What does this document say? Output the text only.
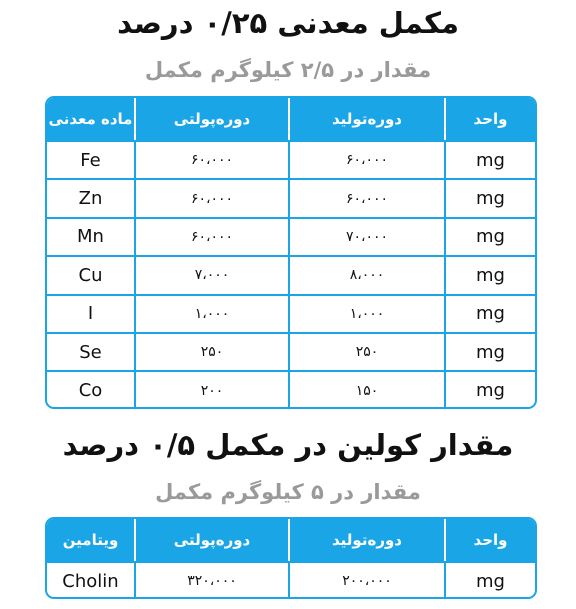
مکمل معدنی ۰/۲۵ درصد
مقدار در ۲/۵ کیلوگرم مکمل
واحد
دوره‌تولید
دوره‌پولتی
ماده معدنی
mg
۶۰،۰۰۰
۶۰،۰۰۰
Fe
mg
۶۰،۰۰۰
۶۰،۰۰۰
Zn
mg
۷۰،۰۰۰
۶۰،۰۰۰
Mn
mg
۸،۰۰۰
۷،۰۰۰
Cu
mg
۱،۰۰۰
۱،۰۰۰
I
mg
۲۵۰
۲۵۰
Se
mg
۱۵۰
۲۰۰
Co
مقدار کولین در مکمل ۰/۵ درصد
مقدار در ۵ کیلوگرم مکمل
واحد
دوره‌تولید
دوره‌پولتی
ویتامین
mg
۲۰۰،۰۰۰
۳۲۰،۰۰۰
Cholin
